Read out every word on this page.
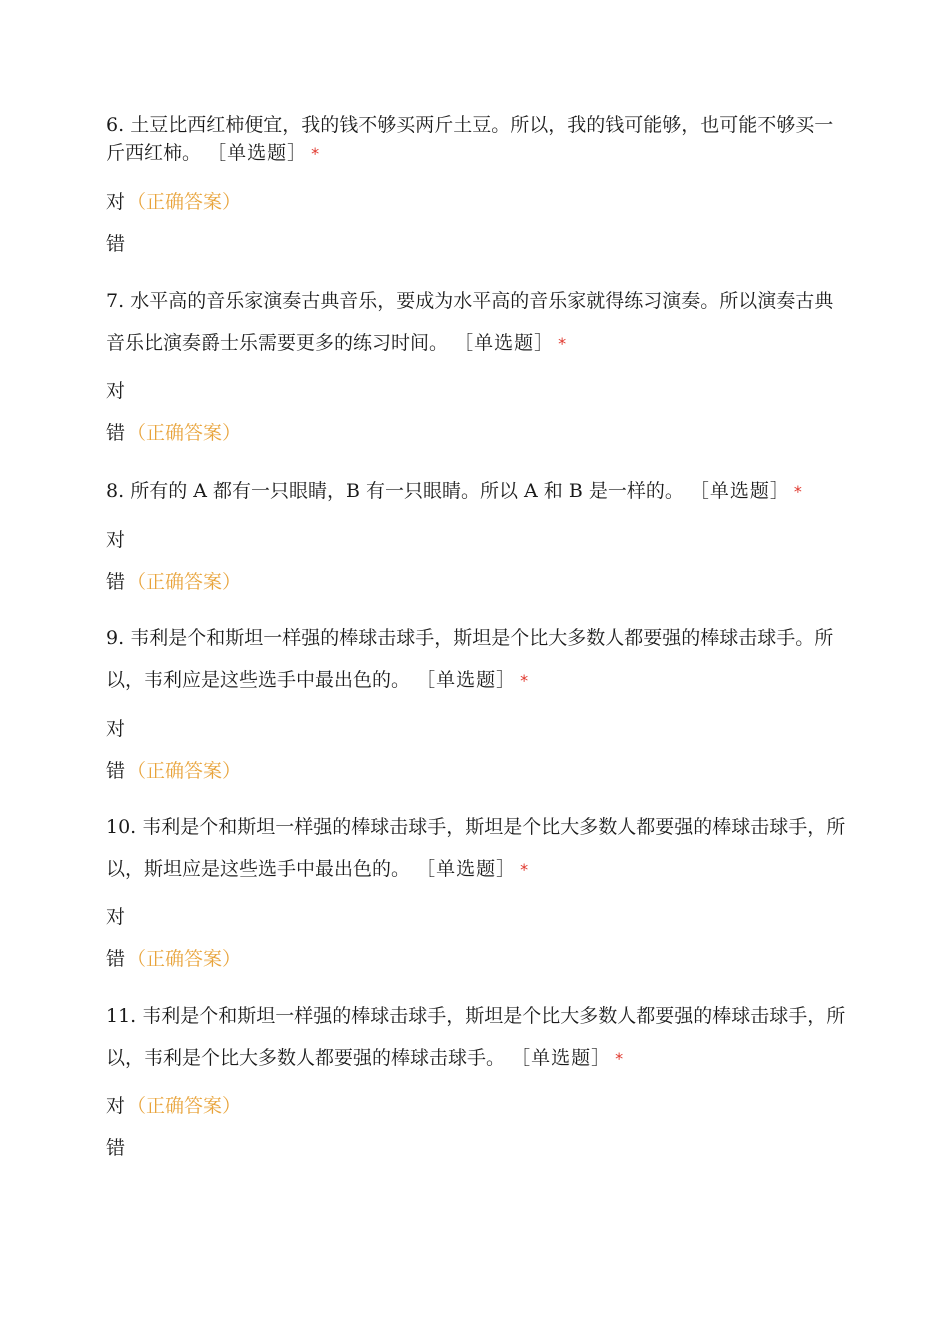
6. 土豆比西红柿便宜，我的钱不够买两斤土豆。所以，我的钱可能够，也可能不够买一斤西红柿。 ［单选题］ *
对 （正确答案）
错
7. 水平高的音乐家演奏古典音乐，要成为水平高的音乐家就得练习演奏。所以演奏古典音乐比演奏爵士乐需要更多的练习时间。 ［单选题］ *
对
错 （正确答案）
8. 所有的 A 都有一只眼睛，B 有一只眼睛。所以 A 和 B 是一样的。 ［单选题］ *
对
错 （正确答案）
9. 韦利是个和斯坦一样强的棒球击球手，斯坦是个比大多数人都要强的棒球击球手。所以，韦利应是这些选手中最出色的。 ［单选题］ *
对
错 （正确答案）
10. 韦利是个和斯坦一样强的棒球击球手，斯坦是个比大多数人都要强的棒球击球手，所以，斯坦应是这些选手中最出色的。 ［单选题］ *
对
错 （正确答案）
11. 韦利是个和斯坦一样强的棒球击球手，斯坦是个比大多数人都要强的棒球击球手，所以，韦利是个比大多数人都要强的棒球击球手。 ［单选题］ *
对 （正确答案）
错
